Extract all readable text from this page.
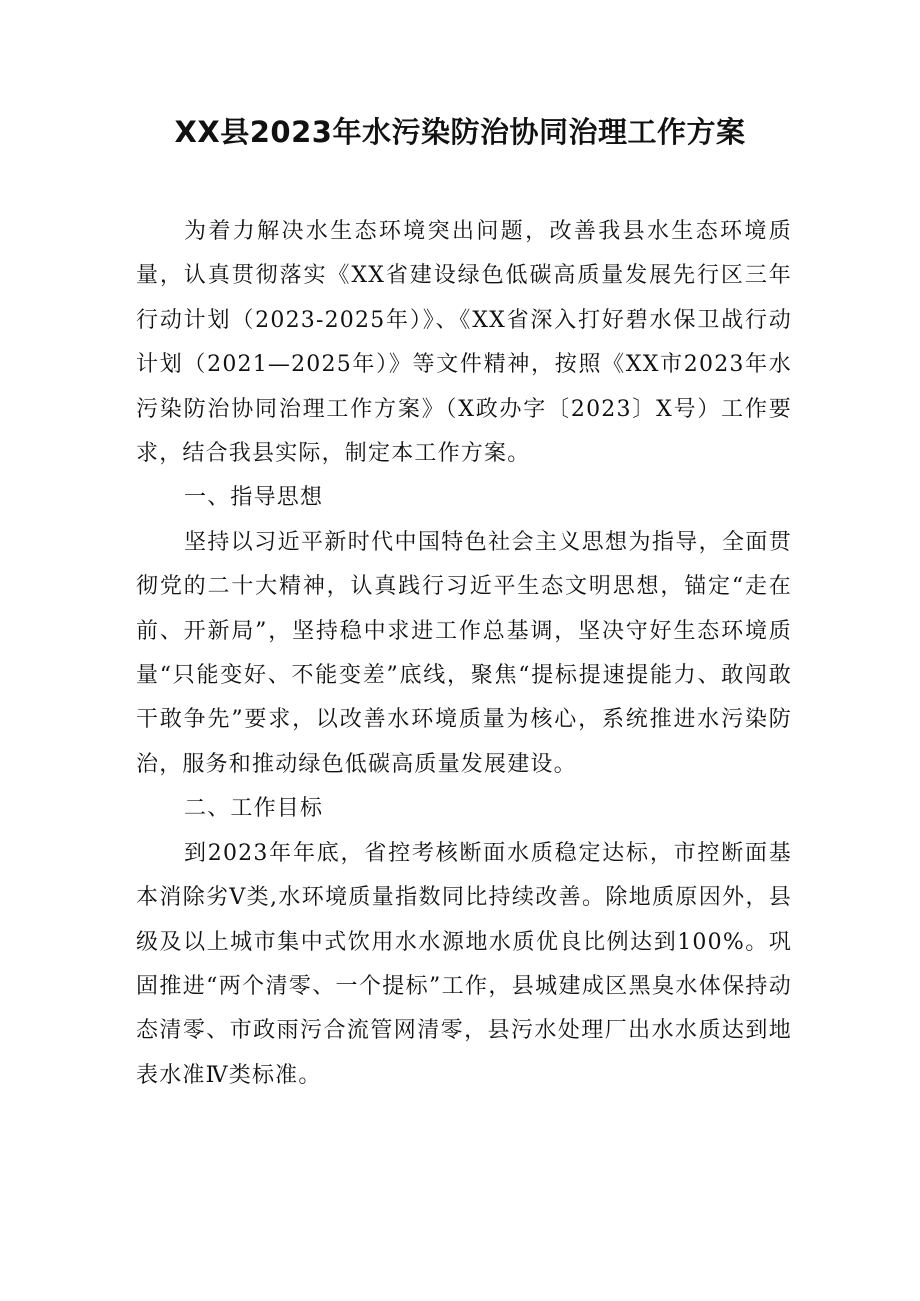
XX县2023年水污染防治协同治理工作方案

为着力解决水生态环境突出问题，改善我县水生态环境质量，认真贯彻落实《XX省建设绿色低碳高质量发展先行区三年行动计划（2023-2025年）》、《XX省深入打好碧水保卫战行动计划（2021—2025年）》等文件精神，按照《XX市2023年水污染防治协同治理工作方案》（X政办字〔2023〕X号）工作要求，结合我县实际，制定本工作方案。

一、指导思想

坚持以习近平新时代中国特色社会主义思想为指导，全面贯彻党的二十大精神，认真践行习近平生态文明思想，锚定“走在前、开新局”，坚持稳中求进工作总基调，坚决守好生态环境质量“只能变好、不能变差”底线，聚焦“提标提速提能力、敢闯敢干敢争先”要求，以改善水环境质量为核心，系统推进水污染防治，服务和推动绿色低碳高质量发展建设。

二、工作目标

到2023年年底，省控考核断面水质稳定达标，市控断面基本消除劣Ⅴ类,水环境质量指数同比持续改善。除地质原因外，县级及以上城市集中式饮用水水源地水质优良比例达到100%。巩固推进“两个清零、一个提标”工作，县城建成区黑臭水体保持动态清零、市政雨污合流管网清零，县污水处理厂出水水质达到地表水准Ⅳ类标准。
